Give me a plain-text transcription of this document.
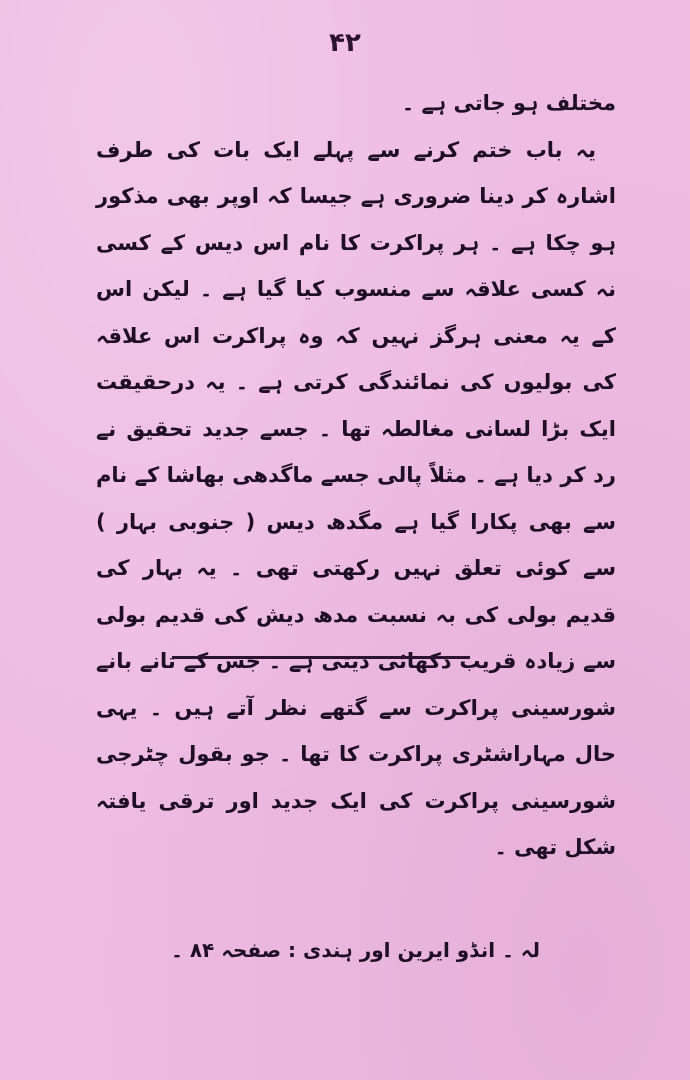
۴۲

مختلف ہو جاتی ہے ۔

یہ باب ختم کرنے سے پہلے ایک بات کی طرف اشارہ کر دینا ضروری ہے جیسا کہ اوپر بھی مذکور ہو چکا ہے ۔ ہر پراکرت کا نام اس دیس کے کسی نہ کسی علاقہ سے منسوب کیا گیا ہے ۔ لیکن اس کے یہ معنی ہرگز نہیں کہ وہ پراکرت اس علاقہ کی بولیوں کی نمائندگی کرتی ہے ۔ یہ درحقیقت ایک بڑا لسانی مغالطہ تھا ۔ جسے جدید تحقیق نے رد کر دیا ہے ۔ مثلاً پالی جسے ماگدھی بھاشا کے نام سے بھی پکارا گیا ہے مگدھ دیس ( جنوبی بہار ) سے کوئی تعلق نہیں رکھتی تھی ۔ یہ بہار کی قدیم بولی کی بہ نسبت مدھ دیش کی قدیم بولی سے زیادہ قریب دکھائی دیتی ہے ۔ جس کے تانے بانے شورسینی پراکرت سے گتھے نظر آتے ہیں ۔ یہی حال مہاراشٹری پراکرت کا تھا ۔ جو بقول چٹرجی شورسینی پراکرت کی ایک جدید اور ترقی یافتہ شکل تھی ۔

لہ ۔ انڈو ایرین اور ہندی : صفحہ ۸۴ ۔
